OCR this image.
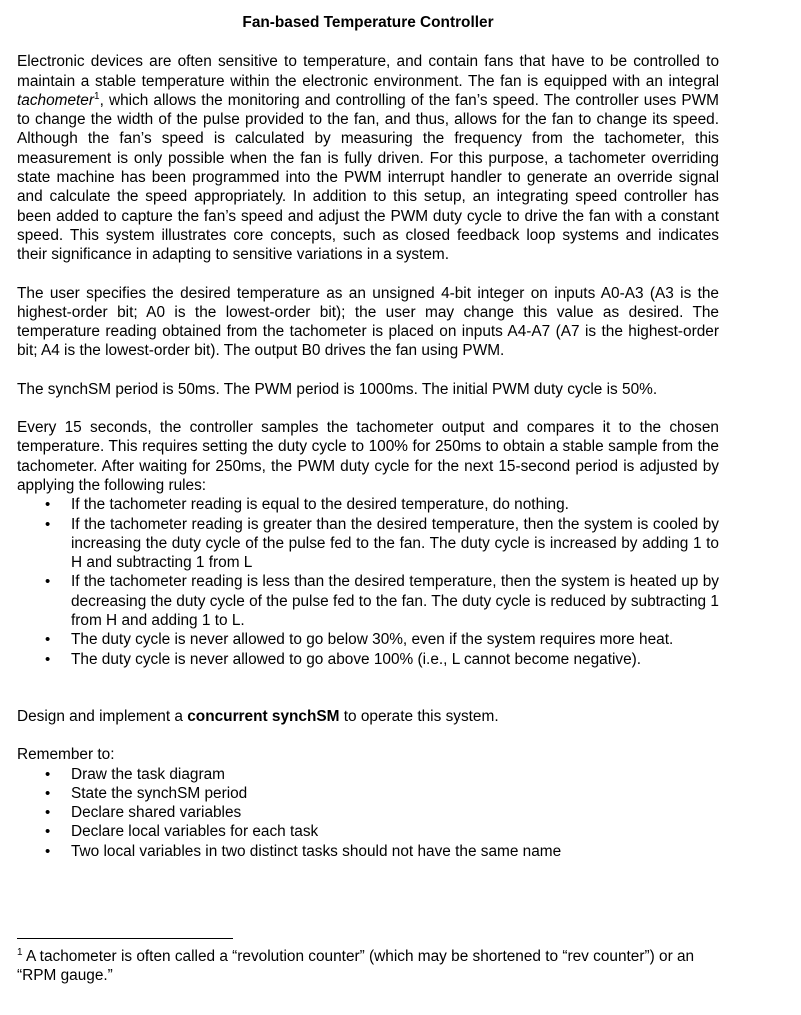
Fan-based Temperature Controller

Electronic devices are often sensitive to temperature, and contain fans that have to be controlled to maintain a stable temperature within the electronic environment. The fan is equipped with an integral tachometer$^1$, which allows the monitoring and controlling of the fan’s speed. The controller uses PWM to change the width of the pulse provided to the fan, and thus, allows for the fan to change its speed. Although the fan’s speed is calculated by measuring the frequency from the tachometer, this measurement is only possible when the fan is fully driven. For this purpose, a tachometer overriding state machine has been programmed into the PWM interrupt handler to generate an override signal and calculate the speed appropriately. In addition to this setup, an integrating speed controller has been added to capture the fan’s speed and adjust the PWM duty cycle to drive the fan with a constant speed. This system illustrates core concepts, such as closed feedback loop systems and indicates their significance in adapting to sensitive variations in a system.

The user specifies the desired temperature as an unsigned 4-bit integer on inputs A0-A3 (A3 is the highest-order bit; A0 is the lowest-order bit); the user may change this value as desired. The temperature reading obtained from the tachometer is placed on inputs A4-A7 (A7 is the highest-order bit; A4 is the lowest-order bit). The output B0 drives the fan using PWM.

The synchSM period is 50ms. The PWM period is 1000ms. The initial PWM duty cycle is 50%.

Every 15 seconds, the controller samples the tachometer output and compares it to the chosen temperature. This requires setting the duty cycle to 100% for 250ms to obtain a stable sample from the tachometer. After waiting for 250ms, the PWM duty cycle for the next 15-second period is adjusted by applying the following rules:

• If the tachometer reading is equal to the desired temperature, do nothing.
• If the tachometer reading is greater than the desired temperature, then the system is cooled by increasing the duty cycle of the pulse fed to the fan. The duty cycle is increased by adding 1 to H and subtracting 1 from L
• If the tachometer reading is less than the desired temperature, then the system is heated up by decreasing the duty cycle of the pulse fed to the fan. The duty cycle is reduced by subtracting 1 from H and adding 1 to L.
• The duty cycle is never allowed to go below 30%, even if the system requires more heat.
• The duty cycle is never allowed to go above 100% (i.e., L cannot become negative).

Design and implement a concurrent synchSM to operate this system.

Remember to:

• Draw the task diagram
• State the synchSM period
• Declare shared variables
• Declare local variables for each task
• Two local variables in two distinct tasks should not have the same name
$^1$ A tachometer is often called a “revolution counter” (which may be shortened to “rev counter”) or an “RPM gauge.”
